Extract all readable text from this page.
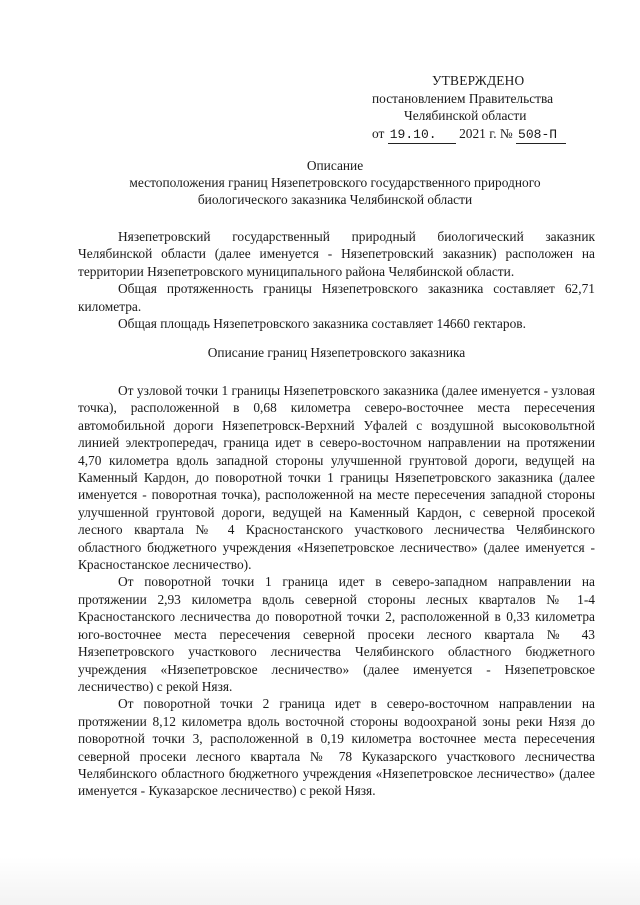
УТВЕРЖДЕНО
постановлением Правительства
Челябинской области
от 19.10. 2021 г. № 508-П
Описание
местоположения границ Нязепетровского государственного природного
биологического заказника Челябинской области

Нязепетровский государственный природный биологический заказник Челябинской области (далее именуется - Нязепетровский заказник) расположен на территории Нязепетровского муниципального района Челябинской области.

Общая протяженность границы Нязепетровского заказника составляет 62,71 километра.

Общая площадь Нязепетровского заказника составляет 14660 гектаров.

Описание границ Нязепетровского заказника

От узловой точки 1 границы Нязепетровского заказника (далее именуется - узловая точка), расположенной в 0,68 километра северо-восточнее места пересечения автомобильной дороги Нязепетровск-Верхний Уфалей с воздушной высоковольтной линией электропередач, граница идет в северо-восточном направлении на протяжении 4,70 километра вдоль западной стороны улучшенной грунтовой дороги, ведущей на Каменный Кардон, до поворотной точки 1 границы Нязепетровского заказника (далее именуется - поворотная точка), расположенной на месте пересечения западной стороны улучшенной грунтовой дороги, ведущей на Каменный Кардон, с северной просекой лесного квартала № 4 Красностанского участкового лесничества Челябинского областного бюджетного учреждения «Нязепетровское лесничество» (далее именуется - Красностанское лесничество).

От поворотной точки 1 граница идет в северо-западном направлении на протяжении 2,93 километра вдоль северной стороны лесных кварталов № 1-4 Красностанского лесничества до поворотной точки 2, расположенной в 0,33 километра юго-восточнее места пересечения северной просеки лесного квартала № 43 Нязепетровского участкового лесничества Челябинского областного бюджетного учреждения «Нязепетровское лесничество» (далее именуется - Нязепетровское лесничество) с рекой Нязя.

От поворотной точки 2 граница идет в северо-восточном направлении на протяжении 8,12 километра вдоль восточной стороны водоохраной зоны реки Нязя до поворотной точки 3, расположенной в 0,19 километра восточнее места пересечения северной просеки лесного квартала № 78 Куказарского участкового лесничества Челябинского областного бюджетного учреждения «Нязепетровское лесничество» (далее именуется - Куказарское лесничество) с рекой Нязя.
